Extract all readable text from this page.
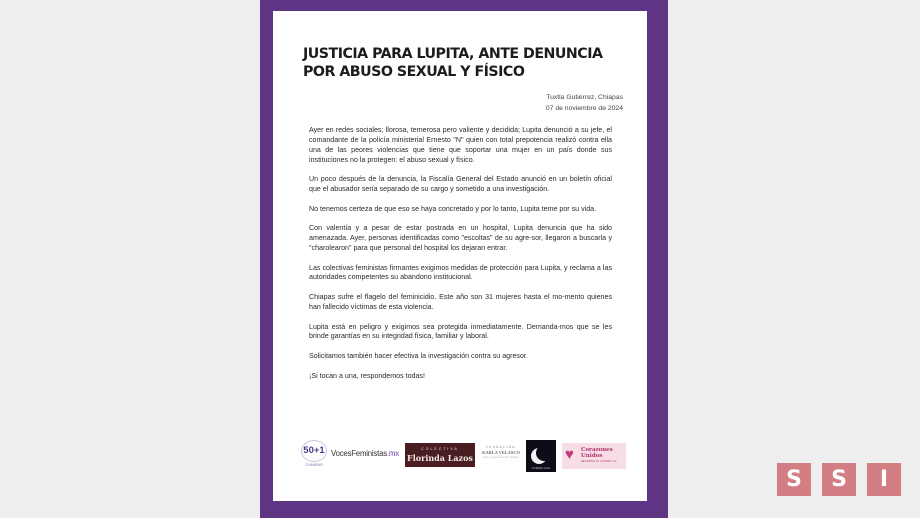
JUSTICIA PARA LUPITA, ANTE DENUNCIA
POR ABUSO SEXUAL Y FÍSICO
Tuxtla Gutiérrez, Chiapas
07 de noviembre de 2024

Ayer en redes sociales; llorosa, temerosa pero valiente y decidida; Lupita denunció a su jefe, el comandante de la policía ministerial Ernesto "N" quien con total prepotencia realizó contra ella una de las peores violencias que tiene que soportar una mujer en un país donde sus instituciones no la protegen: el abuso sexual y físico.

Un poco después de la denuncia, la Fiscalía General del Estado anunció en un boletín oficial que el abusador sería separado de su cargo y sometido a una investigación.

No tenemos certeza de que eso se haya concretado y por lo tanto, Lupita teme por su vida.

Con valentía y a pesar de estar postrada en un hospital, Lupita denuncia que ha sido amenazada. Ayer, personas identificadas como "escoltas" de su agre-sor, llegaron a buscarla y "charolearon" para que personal del hospital los dejaran entrar.

Las colectivas feministas firmantes exigimos medidas de protección para Lupita, y reclama a las autoridades competentes su abandono institucional.

Chiapas sufre el flagelo del feminicidio. Este año son 31 mujeres hasta el mo-mento quienes han fallecido víctimas de esta violencia.

Lupita está en peligro y exigimos sea protegida inmediatamente. Demanda-mos que se les brinde garantías en su integridad física, familiar y laboral.

Solicitamos también hacer efectiva la investigación contra su agresor.

¡Si tocan a una, respondemos todas!

50+1
CHIAPAS
VocesFeministas.mx	COLECTIVA
Florinda Lazos
FUNDACIÓN
KARLA VELASCO
POR LA IGUALDAD DE GÉNERO
MUJERES LUNA
♥ Corazones
Unidos
DESARROLLO CASTRO A.C.
S	S	I
